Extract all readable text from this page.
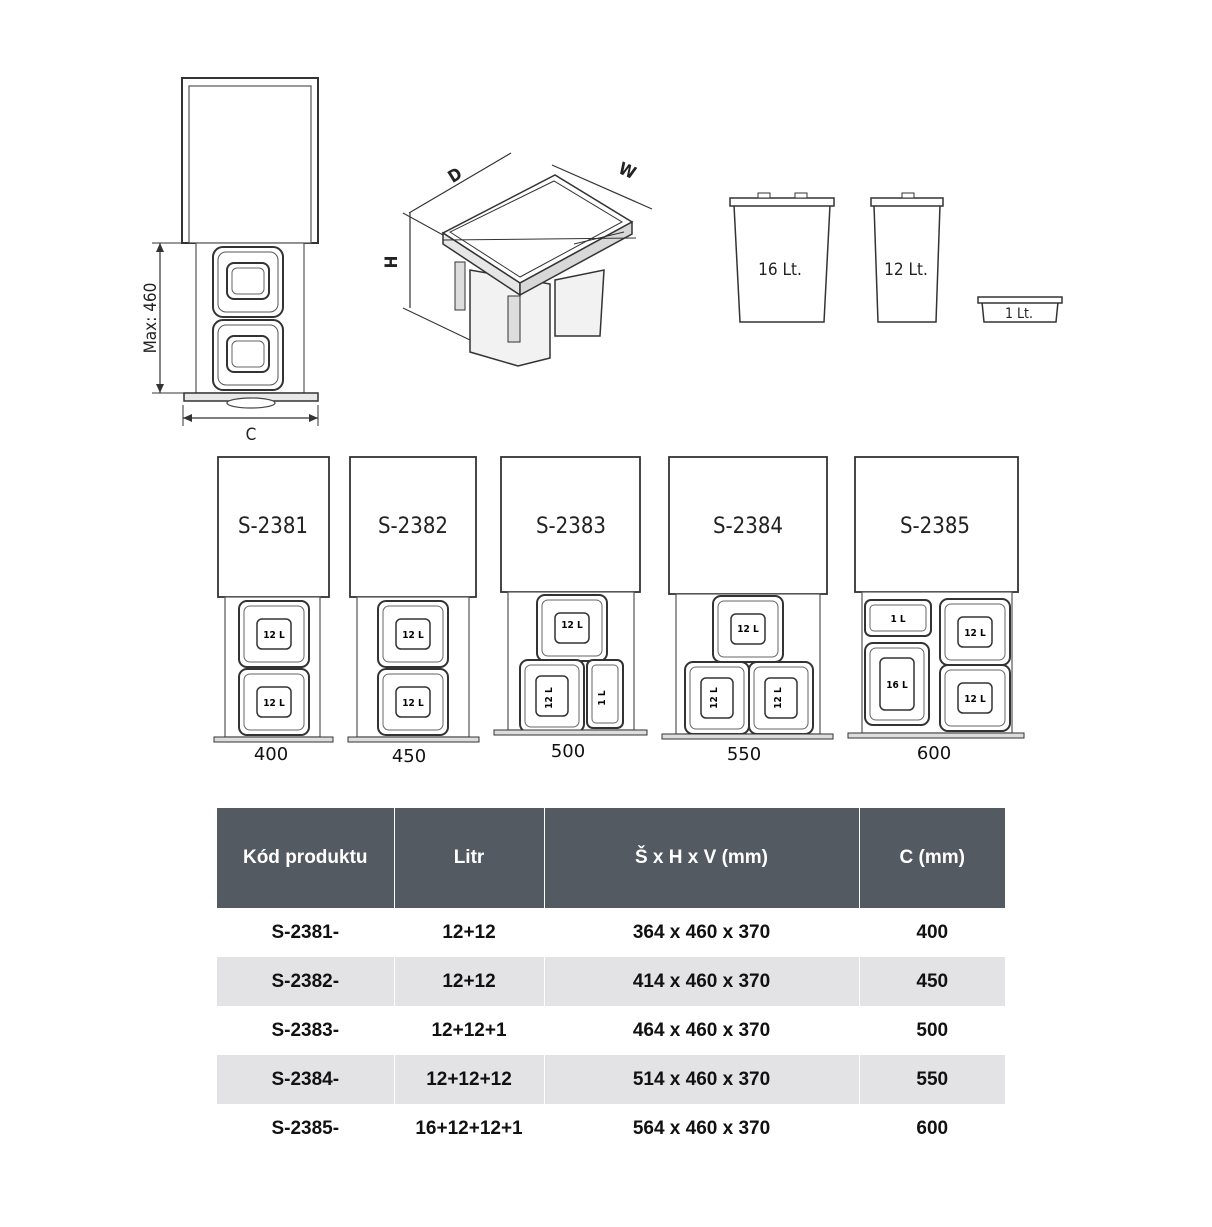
Max: 460
C
D	W
H	16 Lt.	12 Lt.
1 Lt.
S-2381
12 L
12 L
S-2382
12 L
12 L
S-2383
12 L
12 L	1 L
S-2384
12 L
12 L	12 L
S-2385
1 L
12 L
16 L
12 L
400	450	500	550	600
Kód produktu	Litr	Š x H x V (mm)	C (mm)
S-2381-	12+12	364 x 460 x 370	400
S-2382-	12+12	414 x 460 x 370	450
S-2383-	12+12+1	464 x 460 x 370	500
S-2384-	12+12+12	514 x 460 x 370	550
S-2385-	16+12+12+1	564 x 460 x 370	600
